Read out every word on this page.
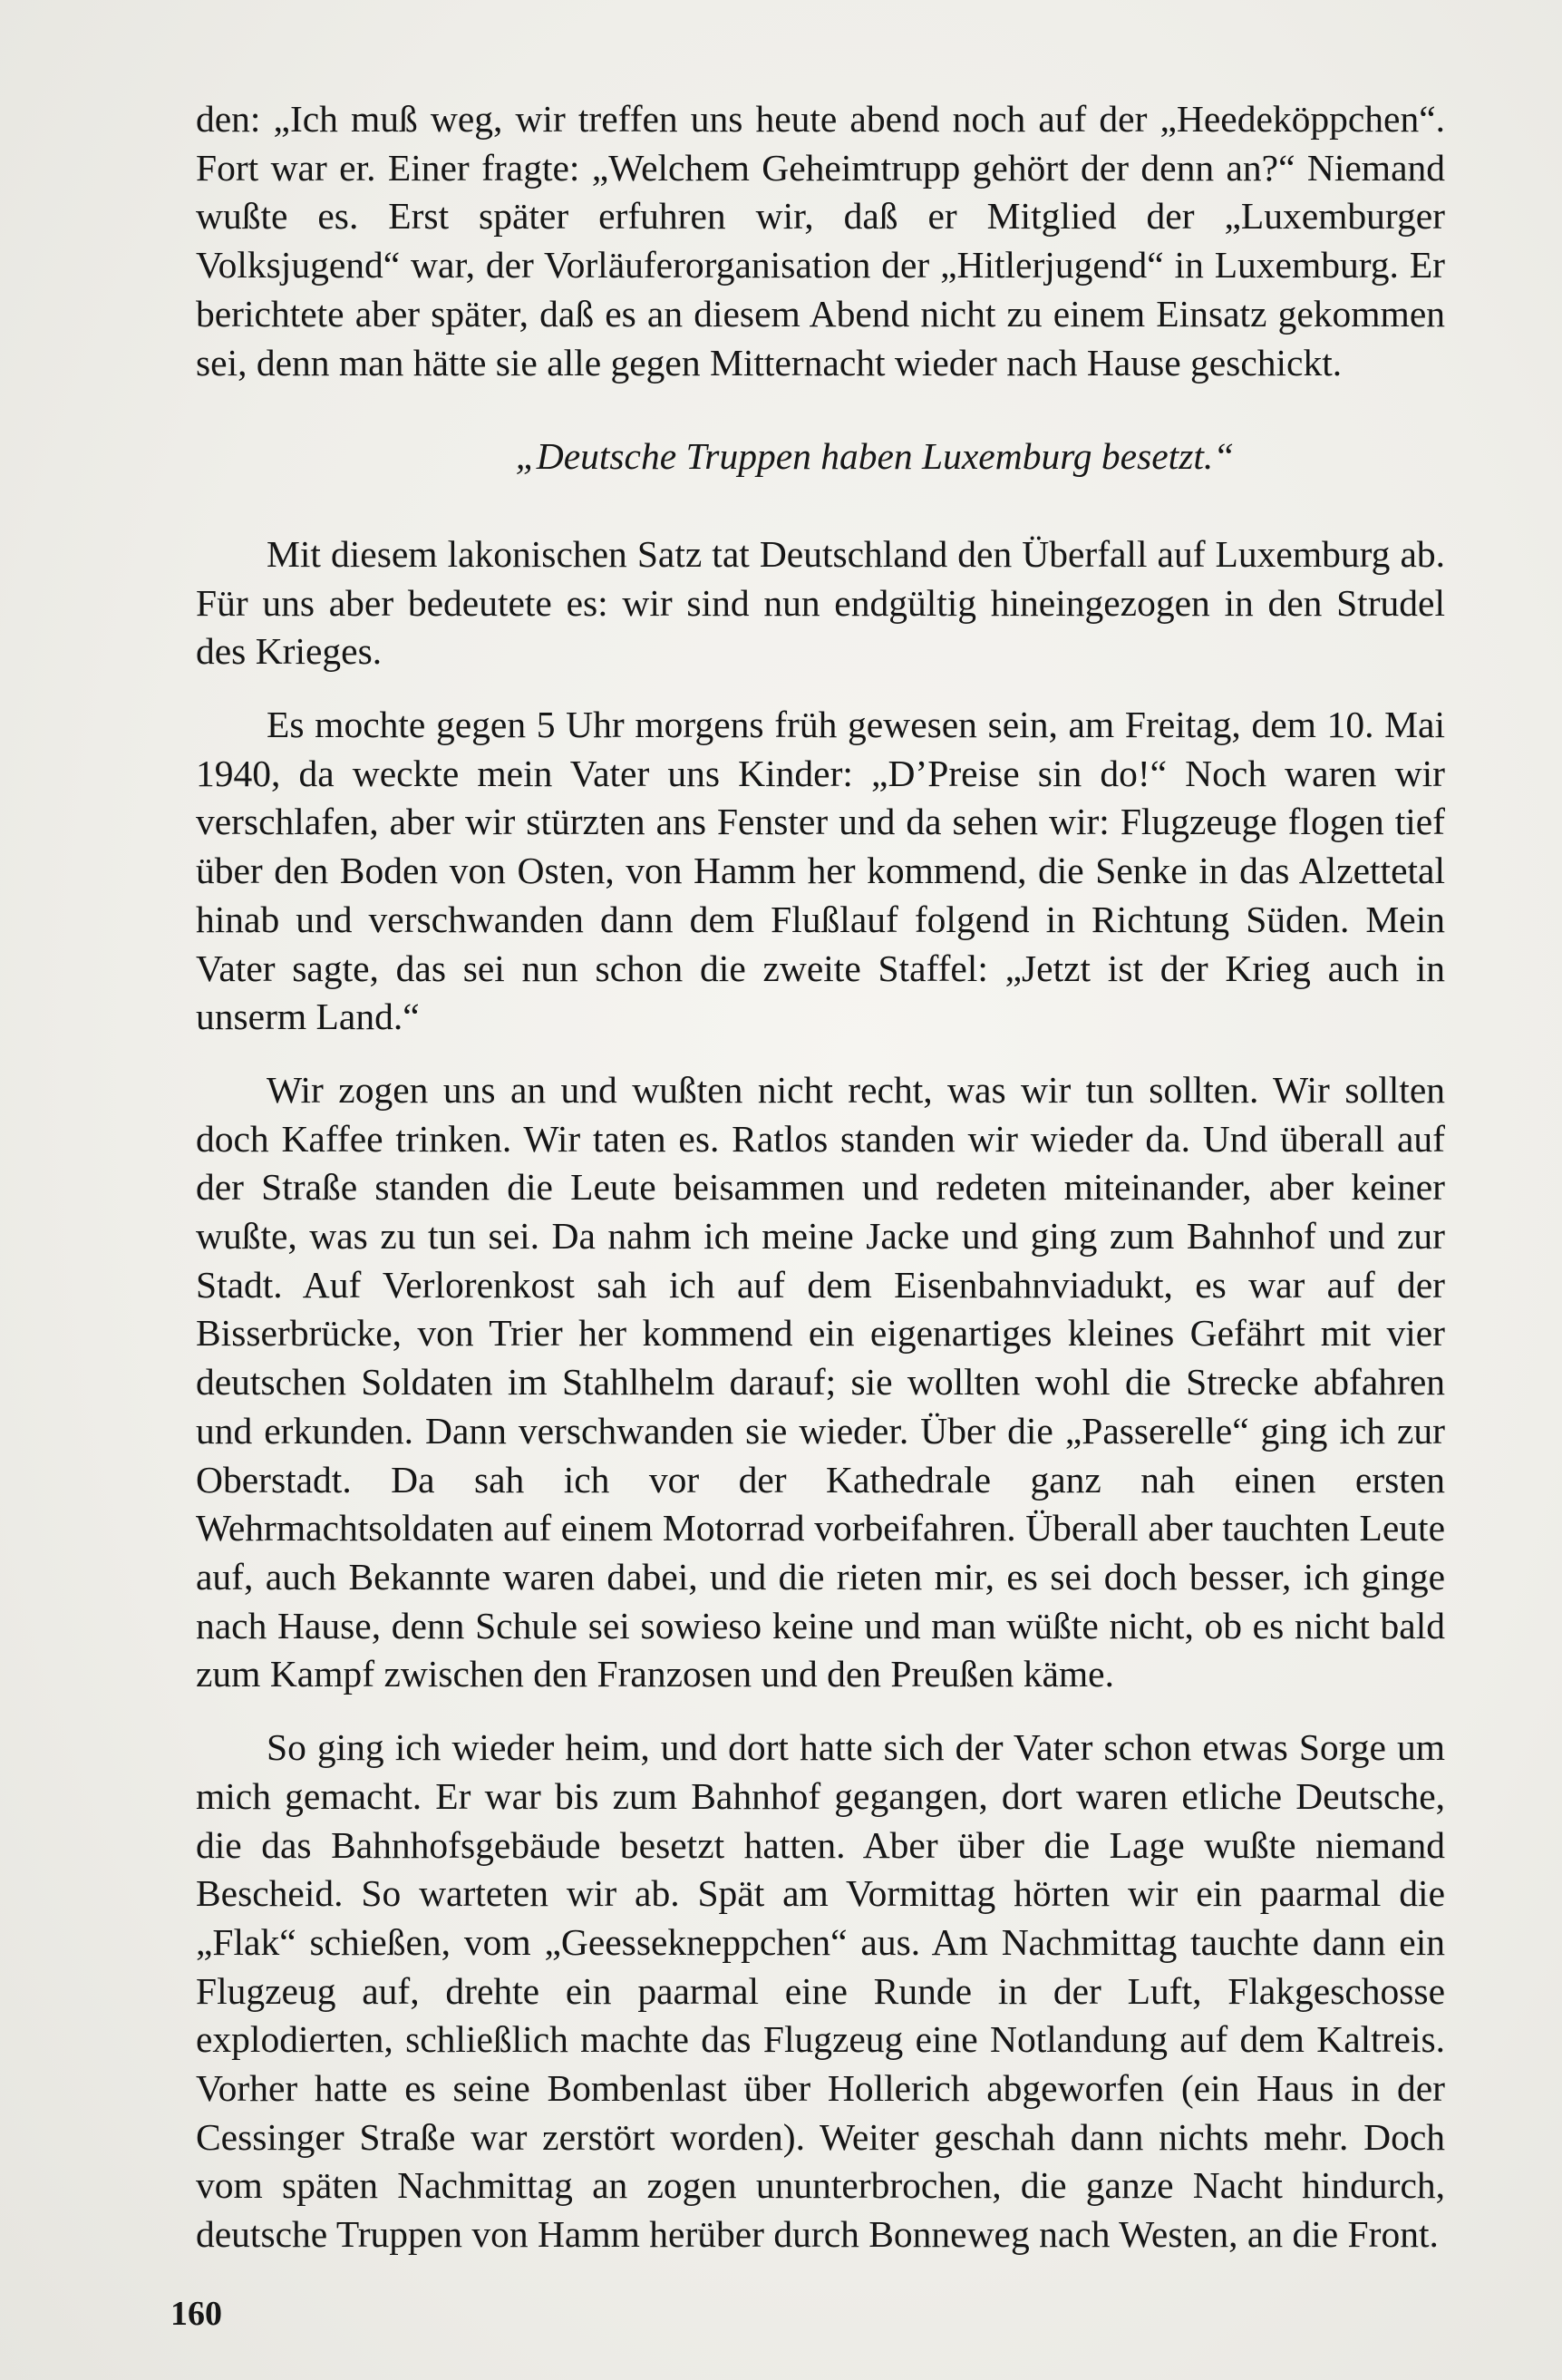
den: „Ich muß weg, wir treffen uns heute abend noch auf der „Heedeköppchen“. Fort war er. Einer fragte: „Welchem Geheimtrupp gehört der denn an?“ Niemand wußte es. Erst später erfuhren wir, daß er Mitglied der „Luxemburger Volksjugend“ war, der Vorläuferorganisation der „Hitlerjugend“ in Luxemburg. Er berichtete aber später, daß es an diesem Abend nicht zu einem Einsatz gekommen sei, denn man hätte sie alle gegen Mitternacht wieder nach Hause geschickt.

„Deutsche Truppen haben Luxemburg besetzt.“

Mit diesem lakonischen Satz tat Deutschland den Überfall auf Luxemburg ab. Für uns aber bedeutete es: wir sind nun endgültig hineingezogen in den Strudel des Krieges.

Es mochte gegen 5 Uhr morgens früh gewesen sein, am Freitag, dem 10. Mai 1940, da weckte mein Vater uns Kinder: „D’Preise sin do!“ Noch waren wir verschlafen, aber wir stürzten ans Fenster und da sehen wir: Flugzeuge flogen tief über den Boden von Osten, von Hamm her kommend, die Senke in das Alzettetal hinab und verschwanden dann dem Flußlauf folgend in Richtung Süden. Mein Vater sagte, das sei nun schon die zweite Staffel: „Jetzt ist der Krieg auch in unserm Land.“

Wir zogen uns an und wußten nicht recht, was wir tun sollten. Wir sollten doch Kaffee trinken. Wir taten es. Ratlos standen wir wieder da. Und überall auf der Straße standen die Leute beisammen und redeten miteinander, aber keiner wußte, was zu tun sei. Da nahm ich meine Jacke und ging zum Bahnhof und zur Stadt. Auf Verlorenkost sah ich auf dem Eisenbahnviadukt, es war auf der Bisserbrücke, von Trier her kommend ein eigenartiges kleines Gefährt mit vier deutschen Soldaten im Stahlhelm darauf; sie wollten wohl die Strecke abfahren und erkunden. Dann verschwanden sie wieder. Über die „Passerelle“ ging ich zur Oberstadt. Da sah ich vor der Kathedrale ganz nah einen ersten Wehrmachtsoldaten auf einem Motorrad vorbeifahren. Überall aber tauchten Leute auf, auch Bekannte waren dabei, und die rieten mir, es sei doch besser, ich ginge nach Hause, denn Schule sei sowieso keine und man wüßte nicht, ob es nicht bald zum Kampf zwischen den Franzosen und den Preußen käme.

So ging ich wieder heim, und dort hatte sich der Vater schon etwas Sorge um mich gemacht. Er war bis zum Bahnhof gegangen, dort waren etliche Deutsche, die das Bahnhofsgebäude besetzt hatten. Aber über die Lage wußte niemand Bescheid. So warteten wir ab. Spät am Vormittag hörten wir ein paarmal die „Flak“ schießen, vom „Geessekneppchen“ aus. Am Nachmittag tauchte dann ein Flugzeug auf, drehte ein paarmal eine Runde in der Luft, Flakgeschosse explodierten, schließlich machte das Flugzeug eine Notlandung auf dem Kaltreis. Vorher hatte es seine Bombenlast über Hollerich abgeworfen (ein Haus in der Cessinger Straße war zerstört worden). Weiter geschah dann nichts mehr. Doch vom späten Nachmittag an zogen ununterbrochen, die ganze Nacht hindurch, deutsche Truppen von Hamm herüber durch Bonneweg nach Westen, an die Front.

160
